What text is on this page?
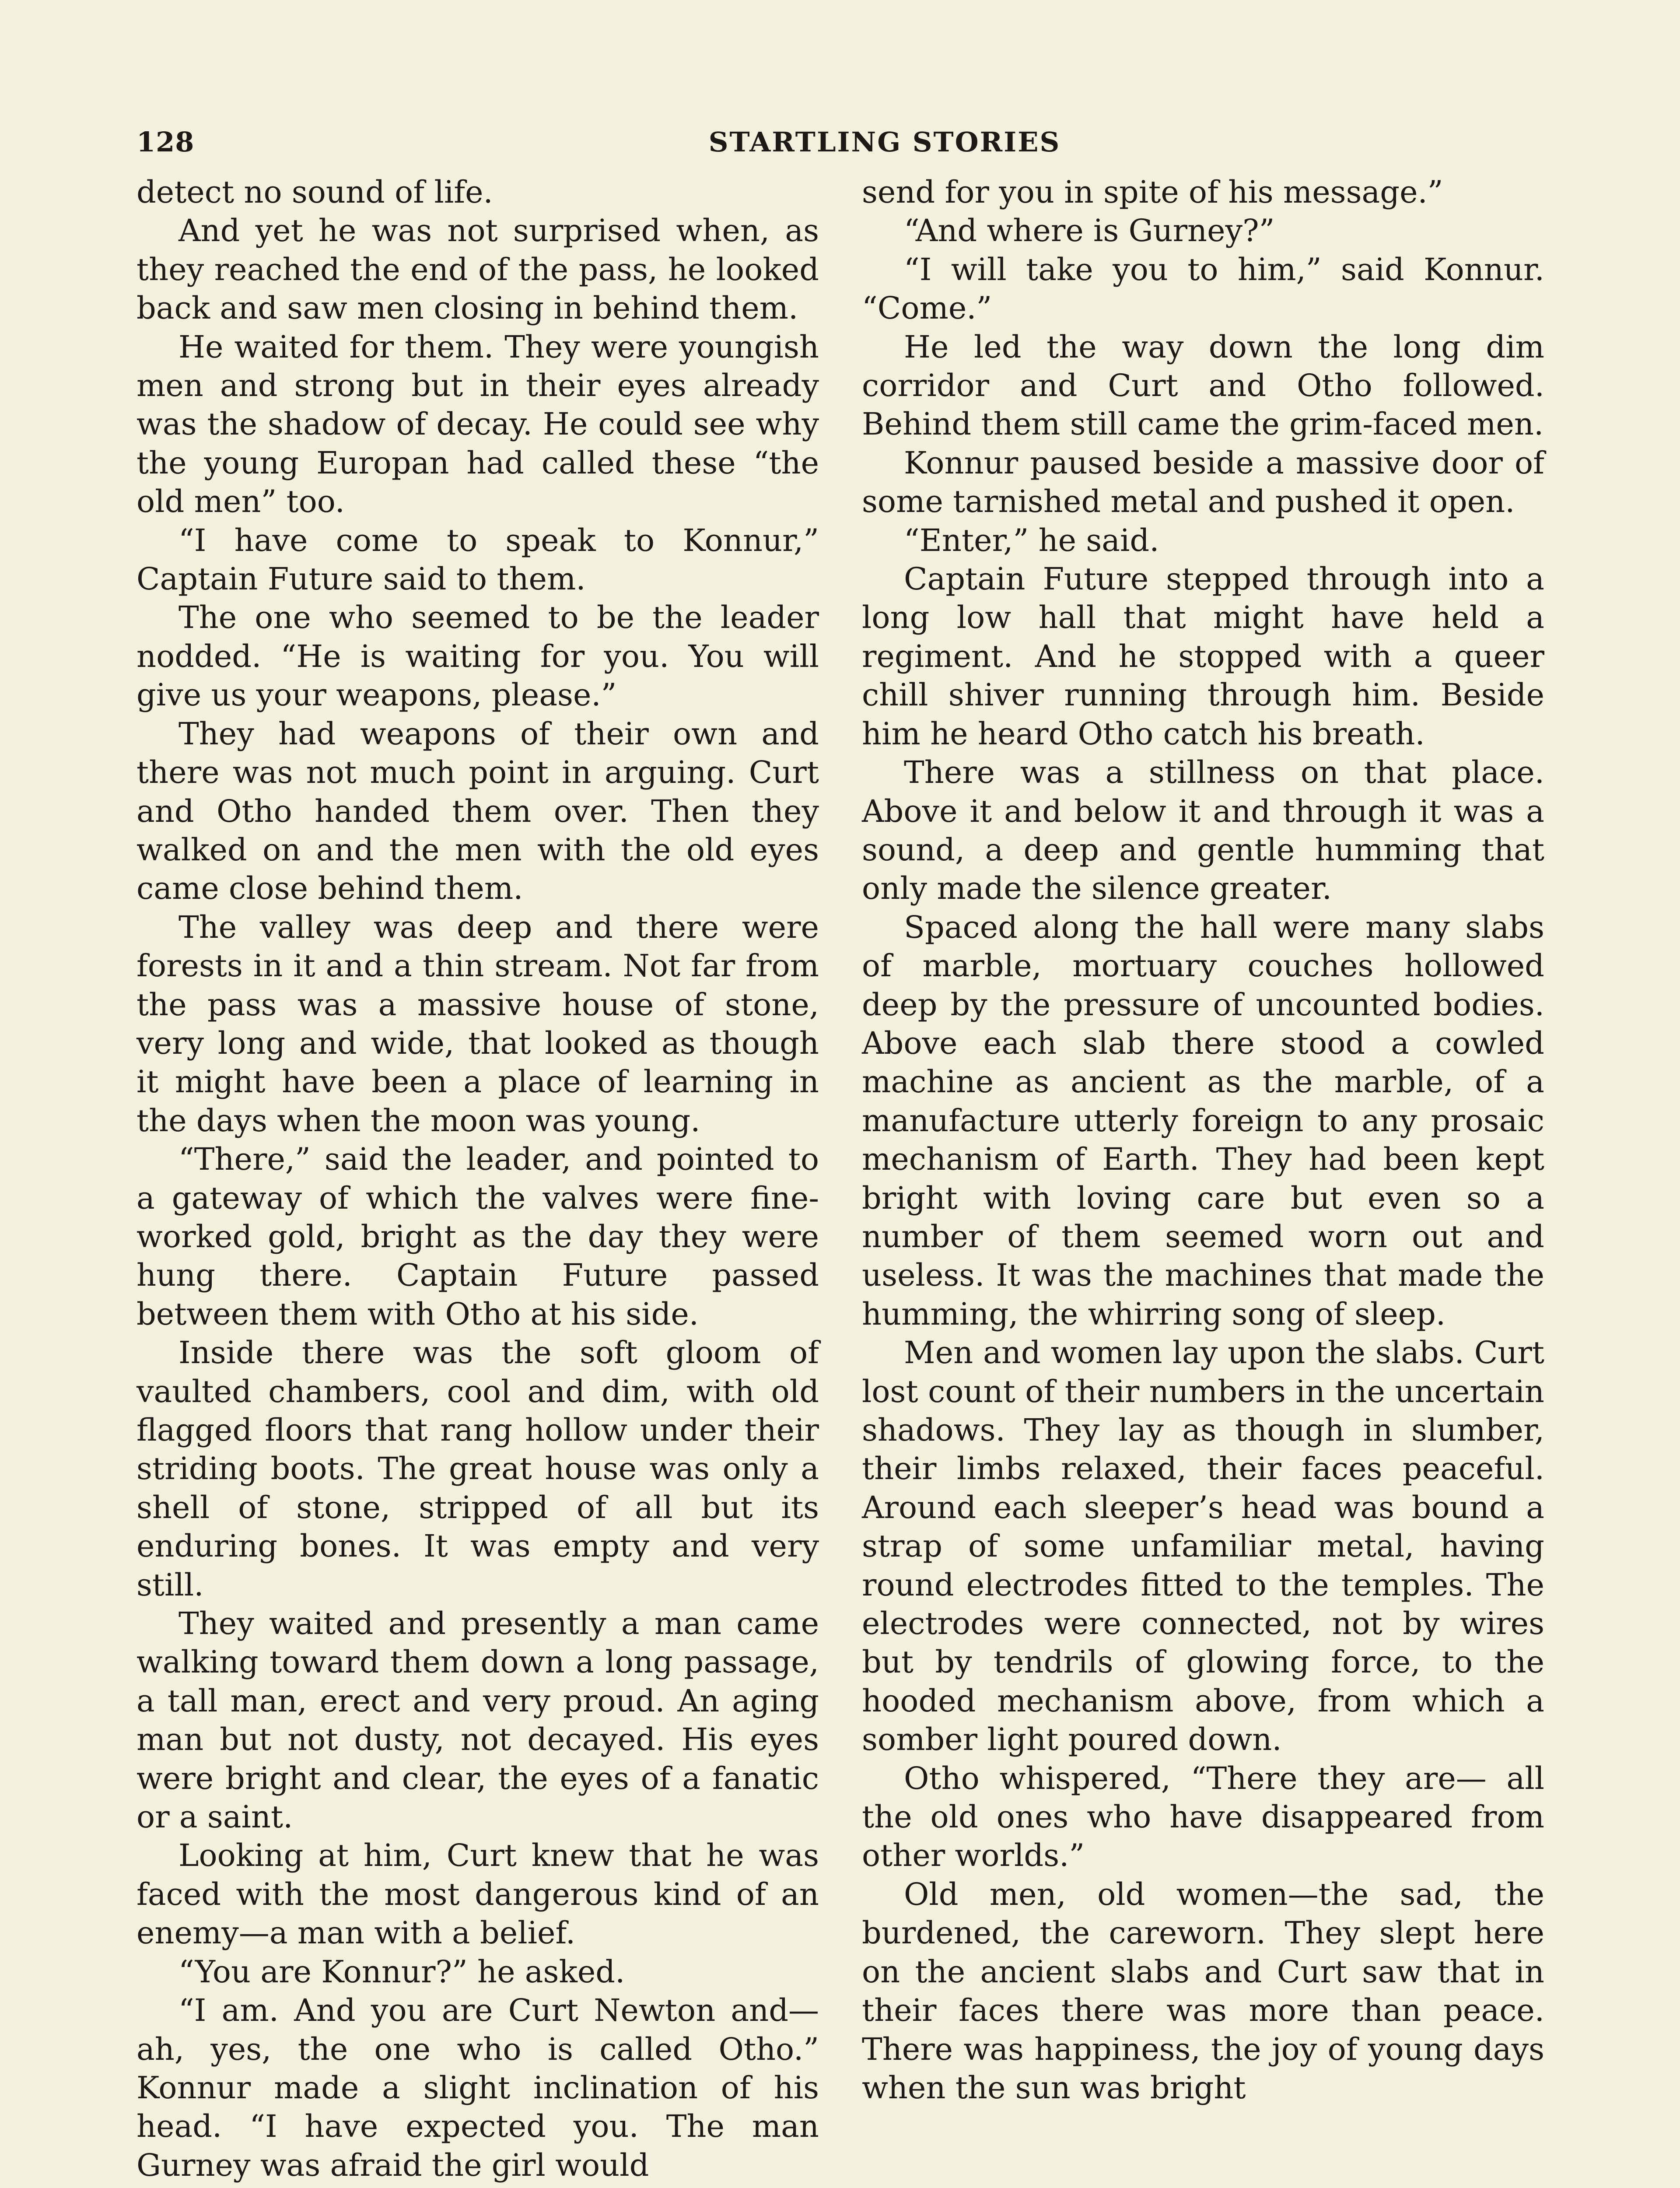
128	STARTLING STORIES

detect no sound of life.

And yet he was not surprised when, as they reached the end of the pass, he looked back and saw men closing in behind them.

He waited for them. They were youngish men and strong but in their eyes already was the shadow of decay. He could see why the young Europan had called these “the old men” too.

“I have come to speak to Konnur,” Captain Future said to them.

The one who seemed to be the leader nodded. “He is waiting for you. You will give us your weapons, please.”

They had weapons of their own and there was not much point in arguing. Curt and Otho handed them over. Then they walked on and the men with the old eyes came close behind them.

The valley was deep and there were forests in it and a thin stream. Not far from the pass was a massive house of stone, very long and wide, that looked as though it might have been a place of learning in the days when the moon was young.

“There,” said the leader, and pointed to a gateway of which the valves were fine-worked gold, bright as the day they were hung there. Captain Future passed between them with Otho at his side.

Inside there was the soft gloom of vaulted chambers, cool and dim, with old flagged floors that rang hollow under their striding boots. The great house was only a shell of stone, stripped of all but its enduring bones. It was empty and very still.

They waited and presently a man came walking toward them down a long passage, a tall man, erect and very proud. An aging man but not dusty, not decayed. His eyes were bright and clear, the eyes of a fanatic or a saint.

Looking at him, Curt knew that he was faced with the most dangerous kind of an enemy—a man with a belief.

“You are Konnur?” he asked.

“I am. And you are Curt Newton and—ah, yes, the one who is called Otho.” Konnur made a slight inclination of his head. “I have expected you. The man Gurney was afraid the girl would

send for you in spite of his message.”

“And where is Gurney?”

“I will take you to him,” said Konnur. “Come.”

He led the way down the long dim corridor and Curt and Otho followed. Behind them still came the grim-faced men.

Konnur paused beside a massive door of some tarnished metal and pushed it open.

“Enter,” he said.

Captain Future stepped through into a long low hall that might have held a regiment. And he stopped with a queer chill shiver running through him. Beside him he heard Otho catch his breath.

There was a stillness on that place. Above it and below it and through it was a sound, a deep and gentle humming that only made the silence greater.

Spaced along the hall were many slabs of marble, mortuary couches hollowed deep by the pressure of uncounted bodies. Above each slab there stood a cowled machine as ancient as the marble, of a manufacture utterly foreign to any prosaic mechanism of Earth. They had been kept bright with loving care but even so a number of them seemed worn out and useless. It was the machines that made the humming, the whirring song of sleep.

Men and women lay upon the slabs. Curt lost count of their numbers in the uncertain shadows. They lay as though in slumber, their limbs relaxed, their faces peaceful. Around each sleeper’s head was bound a strap of some unfamiliar metal, having round electrodes fitted to the temples. The electrodes were connected, not by wires but by tendrils of glowing force, to the hooded mechanism above, from which a somber light poured down.

Otho whispered, “There they are— all the old ones who have disappeared from other worlds.”

Old men, old women—the sad, the burdened, the careworn. They slept here on the ancient slabs and Curt saw that in their faces there was more than peace. There was happiness, the joy of young days when the sun was bright
